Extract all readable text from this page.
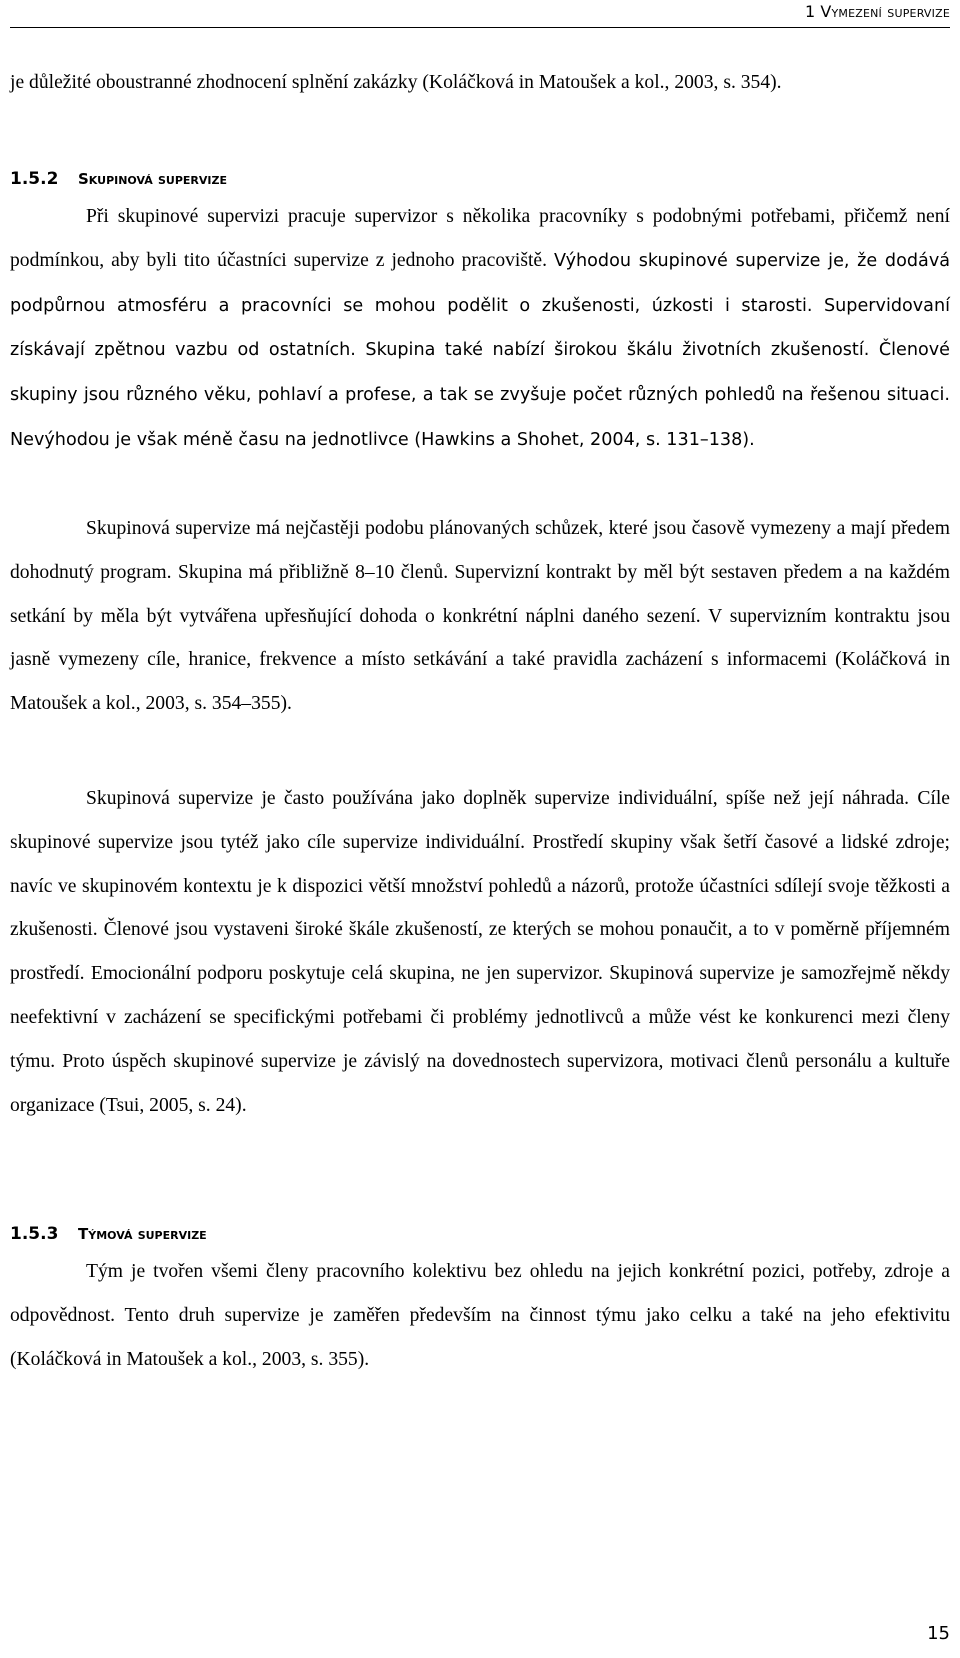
1 Vymezení supervize

je důležité oboustranné zhodnocení splnění zakázky (Koláčková in Matoušek a kol., 2003, s. 354).

1.5.2 Skupinová supervize

Při skupinové supervizi pracuje supervizor s několika pracovníky s podobnými potřebami, přičemž není podmínkou, aby byli tito účastníci supervize z jednoho pracoviště. Výhodou skupinové supervize je, že dodává podpůrnou atmosféru a pracovníci se mohou podělit o zkušenosti, úzkosti i starosti. Supervidovaní získávají zpětnou vazbu od ostatních. Skupina také nabízí širokou škálu životních zkušeností. Členové skupiny jsou různého věku, pohlaví a profese, a tak se zvyšuje počet různých pohledů na řešenou situaci. Nevýhodou je však méně času na jednotlivce (Hawkins a Shohet, 2004, s. 131–138).

Skupinová supervize má nejčastěji podobu plánovaných schůzek, které jsou časově vymezeny a mají předem dohodnutý program. Skupina má přibližně 8–10 členů. Supervizní kontrakt by měl být sestaven předem a na každém setkání by měla být vytvářena upřesňující dohoda o konkrétní náplni daného sezení. V supervizním kontraktu jsou jasně vymezeny cíle, hranice, frekvence a místo setkávání a také pravidla zacházení s informacemi (Koláčková in Matoušek a kol., 2003, s. 354–355).

Skupinová supervize je často používána jako doplněk supervize individuální, spíše než její náhrada. Cíle skupinové supervize jsou tytéž jako cíle supervize individuální. Prostředí skupiny však šetří časové a lidské zdroje; navíc ve skupinovém kontextu je k dispozici větší množství pohledů a názorů, protože účastníci sdílejí svoje těžkosti a zkušenosti. Členové jsou vystaveni široké škále zkušeností, ze kterých se mohou ponaučit, a to v poměrně příjemném prostředí. Emocionální podporu poskytuje celá skupina, ne jen supervizor. Skupinová supervize je samozřejmě někdy neefektivní v zacházení se specifickými potřebami či problémy jednotlivců a může vést ke konkurenci mezi členy týmu. Proto úspěch skupinové supervize je závislý na dovednostech supervizora, motivaci členů personálu a kultuře organizace (Tsui, 2005, s. 24).

1.5.3 Týmová supervize

Tým je tvořen všemi členy pracovního kolektivu bez ohledu na jejich konkrétní pozici, potřeby, zdroje a odpovědnost. Tento druh supervize je zaměřen především na činnost týmu jako celku a také na jeho efektivitu (Koláčková in Matoušek a kol., 2003, s. 355).

15
